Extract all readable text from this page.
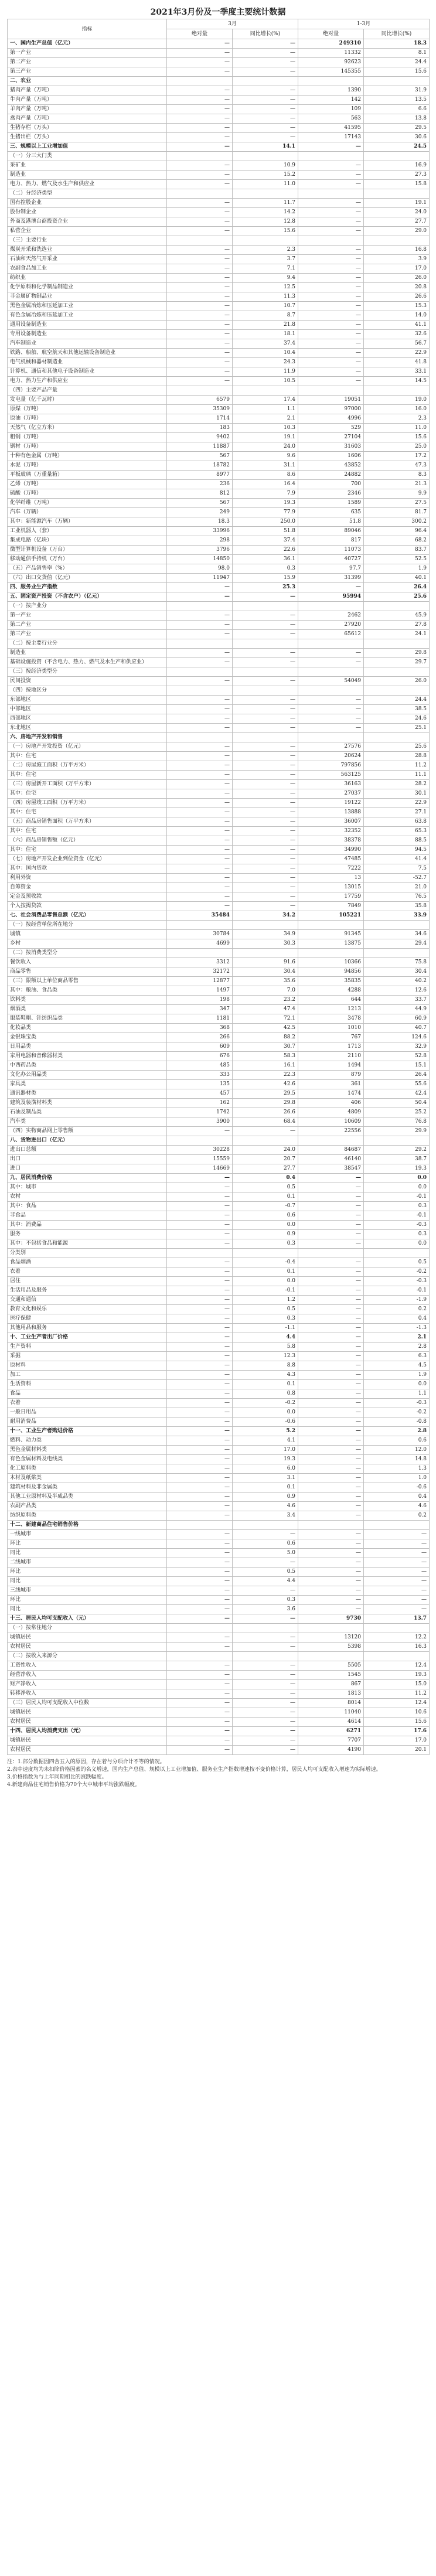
2021年3月份及一季度主要统计数据
指标	3月		1-3月	
	绝对量	同比增长(%)	绝对量	同比增长(%)
一、国内生产总值（亿元）	—	—	249310	18.3
第一产业	—	—	11332	8.1
第二产业	—	—	92623	24.4
第三产业	—	—	145355	15.6
二、农业				
猪肉产量（万吨）	—	—	1390	31.9
牛肉产量（万吨）	—	—	142	13.5
羊肉产量（万吨）	—	—	109	6.6
禽肉产量（万吨）	—	—	563	13.8
生猪存栏（万头）	—	—	41595	29.5
生猪出栏（万头）	—	—	17143	30.6
三、规模以上工业增加值	—	14.1	—	24.5
（一）分三大门类				
采矿业	—	10.9	—	16.9
制造业	—	15.2	—	27.3
电力、热力、燃气及水生产和供应业	—	11.0	—	15.8
（二）分经济类型				
国有控股企业	—	11.7	—	19.1
股份制企业	—	14.2	—	24.0
外商及港澳台商投资企业	—	12.8	—	27.7
私营企业	—	15.6	—	29.0
（三）主要行业				
煤炭开采和洗选业	—	2.3	—	16.8
石油和天然气开采业	—	3.7	—	3.9
农副食品加工业	—	7.1	—	17.0
纺织业	—	9.4	—	26.0
化学原料和化学制品制造业	—	12.5	—	20.8
非金属矿物制品业	—	11.3	—	26.6
黑色金属冶炼和压延加工业	—	10.7	—	15.3
有色金属冶炼和压延加工业	—	8.7	—	14.0
通用设备制造业	—	21.8	—	41.1
专用设备制造业	—	18.1	—	32.6
汽车制造业	—	37.4	—	56.7
铁路、船舶、航空航天和其他运输设备制造业	—	10.4	—	22.9
电气机械和器材制造业	—	24.3	—	41.8
计算机、通信和其他电子设备制造业	—	11.9	—	33.1
电力、热力生产和供应业	—	10.5	—	14.5
（四）主要产品产量				
发电量（亿千瓦时）	6579	17.4	19051	19.0
原煤（万吨）	35309	1.1	97000	16.0
原油（万吨）	1714	2.1	4996	2.3
天然气（亿立方米）	183	10.3	529	11.0
粗钢（万吨）	9402	19.1	27104	15.6
钢材（万吨）	11887	24.0	31603	25.0
十种有色金属（万吨）	567	9.6	1606	17.2
水泥（万吨）	18782	31.1	43852	47.3
平板玻璃（万重量箱）	8977	8.6	24882	8.3
乙烯（万吨）	236	16.4	700	21.3
硫酸（万吨）	812	7.9	2346	9.9
化学纤维（万吨）	567	19.3	1589	27.5
汽车（万辆）	249	77.9	635	81.7
其中：新能源汽车（万辆）	18.3	250.0	51.8	300.2
工业机器人（套）	33996	51.8	89046	96.4
集成电路（亿块）	298	37.4	817	68.2
微型计算机设备（万台）	3796	22.6	11073	83.7
移动通信手持机（万台）	14850	36.1	40727	52.5
（五）产品销售率（%）	98.0	0.3	97.7	1.9
（六）出口交货值（亿元）	11947	15.9	31399	40.1
四、服务业生产指数	—	25.3	—	26.4
五、固定资产投资（不含农户）（亿元）	—	—	95994	25.6
（一）按产业分				
第一产业	—	—	2462	45.9
第二产业	—	—	27920	27.8
第三产业	—	—	65612	24.1
（二）按主要行业分				
制造业	—	—	—	29.8
基础设施投资（不含电力、热力、燃气及水生产和供应业）	—	—	—	29.7
（三）按经济类型分				
民间投资	—	—	54049	26.0
（四）按地区分				
东部地区	—	—	—	24.4
中部地区	—	—	—	38.5
西部地区	—	—	—	24.6
东北地区	—	—	—	25.1
六、房地产开发和销售				
（一）房地产开发投资（亿元）	—	—	27576	25.6
其中：住宅	—	—	20624	28.8
（二）房屋施工面积（万平方米）	—	—	797856	11.2
其中：住宅	—	—	563125	11.1
（三）房屋新开工面积（万平方米）	—	—	36163	28.2
其中：住宅	—	—	27037	30.1
（四）房屋竣工面积（万平方米）	—	—	19122	22.9
其中：住宅	—	—	13888	27.1
（五）商品房销售面积（万平方米）	—	—	36007	63.8
其中：住宅	—	—	32352	65.3
（六）商品房销售额（亿元）	—	—	38378	88.5
其中：住宅	—	—	34990	94.5
（七）房地产开发企业到位资金（亿元）	—	—	47485	41.4
其中：国内贷款	—	—	7222	7.5
利用外资	—	—	13	-52.7
自筹资金	—	—	13015	21.0
定金及预收款	—	—	17759	76.5
个人按揭贷款	—	—	7849	35.8
七、社会消费品零售总额（亿元）	35484	34.2	105221	33.9
（一）按经营单位所在地分				
城镇	30784	34.9	91345	34.6
乡村	4699	30.3	13875	29.4
（二）按消费类型分				
餐饮收入	3312	91.6	10366	75.8
商品零售	32172	30.4	94856	30.4
（三）限额以上单位商品零售	12877	35.6	35835	40.2
其中：粮油、食品类	1497	7.0	4288	12.6
饮料类	198	23.2	644	33.7
烟酒类	347	47.4	1213	44.9
服装鞋帽、针纺织品类	1181	72.1	3478	60.9
化妆品类	368	42.5	1010	40.7
金银珠宝类	266	88.2	767	124.6
日用品类	609	30.7	1713	32.9
家用电器和音像器材类	676	58.3	2110	52.8
中西药品类	485	16.1	1494	15.1
文化办公用品类	333	22.3	879	26.4
家具类	135	42.6	361	55.6
通讯器材类	457	29.5	1474	42.4
建筑及装潢材料类	162	29.8	406	50.4
石油及制品类	1742	26.6	4809	25.2
汽车类	3900	68.4	10609	76.8
（四）实物商品网上零售额	—	—	22556	29.9
八、货物进出口（亿元）				
进出口总额	30228	24.0	84687	29.2
出口	15559	20.7	46140	38.7
进口	14669	27.7	38547	19.3
九、居民消费价格	—	0.4	—	0.0
其中：城市	—	0.5	—	0.0
农村	—	0.1	—	-0.1
其中：食品	—	-0.7	—	0.3
非食品	—	0.6	—	-0.1
其中：消费品	—	0.0	—	-0.3
服务	—	0.9	—	0.3
其中：不包括食品和能源	—	0.3	—	0.0
分类别				
食品烟酒	—	-0.4	—	0.5
衣着	—	0.1	—	-0.2
居住	—	0.0	—	-0.3
生活用品及服务	—	-0.1	—	-0.1
交通和通信	—	1.2	—	-1.9
教育文化和娱乐	—	0.5	—	0.2
医疗保健	—	0.3	—	0.4
其他用品和服务	—	-1.1	—	-1.3
十、工业生产者出厂价格	—	4.4	—	2.1
生产资料	—	5.8	—	2.8
采掘	—	12.3	—	6.3
原材料	—	8.8	—	4.5
加工	—	4.3	—	1.9
生活资料	—	0.1	—	0.0
食品	—	0.8	—	1.1
衣着	—	-0.2	—	-0.3
一般日用品	—	0.0	—	-0.2
耐用消费品	—	-0.6	—	-0.8
十一、工业生产者购进价格	—	5.2	—	2.8
燃料、动力类	—	4.1	—	0.6
黑色金属材料类	—	17.0	—	12.0
有色金属材料及电线类	—	19.3	—	14.8
化工原料类	—	6.0	—	1.3
木材及纸浆类	—	3.1	—	1.0
建筑材料及非金属类	—	0.1	—	-0.6
其他工业原材料及半成品类	—	0.9	—	0.4
农副产品类	—	4.6	—	4.6
纺织原料类	—	3.4	—	0.2
十二、新建商品住宅销售价格				
一线城市	—	—	—	—
环比	—	0.6	—	—
同比	—	5.0	—	—
二线城市	—	—	—	—
环比	—	0.5	—	—
同比	—	4.4	—	—
三线城市	—	—	—	—
环比	—	0.3	—	—
同比	—	3.6	—	—
十三、居民人均可支配收入（元）	—	—	9730	13.7
（一）按常住地分				
城镇居民	—	—	13120	12.2
农村居民	—	—	5398	16.3
（二）按收入来源分				
工资性收入	—	—	5505	12.4
经营净收入	—	—	1545	19.3
财产净收入	—	—	867	15.0
转移净收入	—	—	1813	11.2
（三）居民人均可支配收入中位数	—	—	8014	12.4
城镇居民	—	—	11040	10.6
农村居民	—	—	4614	15.6
十四、居民人均消费支出（元）	—	—	6271	17.6
城镇居民	—	—	7707	17.0
农村居民	—	—	4190	20.1

注：1.部分数据因四舍五入的原因，存在着与分项合计不等的情况。

2.表中速度均为未扣除价格因素的名义增速，国内生产总值、规模以上工业增加值、服务业生产指数增速按不变价格计算，居民人均可支配收入增速为实际增速。

3.价格指数为与上年同期相比的涨跌幅度。

4.新建商品住宅销售价格为70个大中城市平均涨跌幅度。
